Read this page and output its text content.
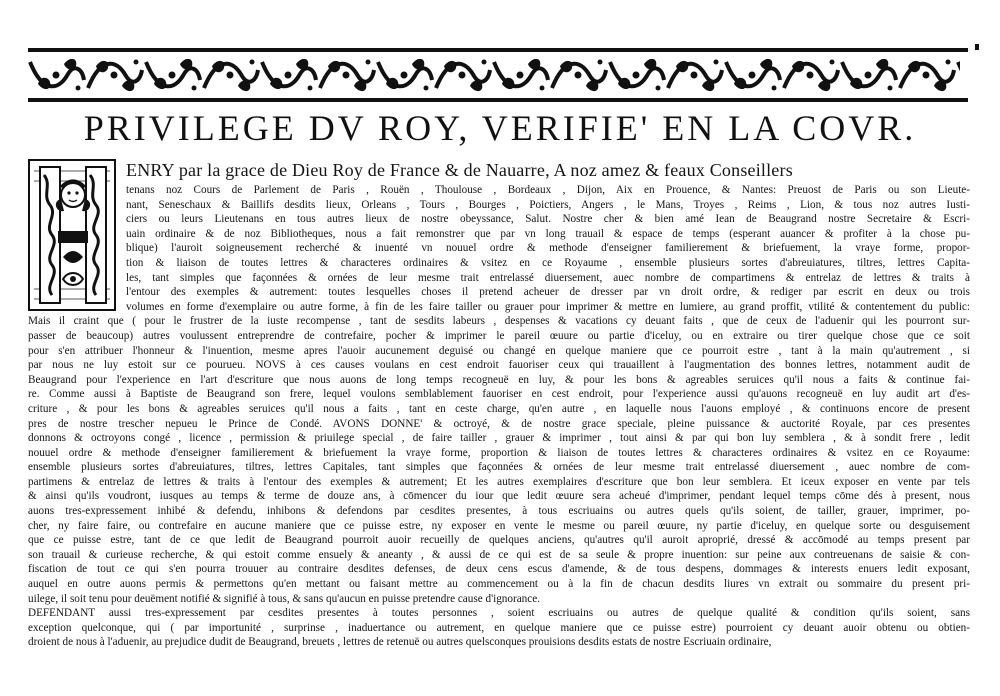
PRIVILEGE DV ROY, VERIFIE' EN LA COVR.
ENRY par la grace de Dieu Roy de France & de Nauarre, A noz amez & feaux Conseillers
tenans noz Cours de Parlement de Paris , Rouën , Thoulouse , Bordeaux , Dijon, Aix en Prouence, & Nantes: Preuost de Paris ou son Lieute-
nant, Seneschaux & Baillifs desdits lieux, Orleans , Tours , Bourges , Poictiers, Angers , le Mans, Troyes , Reims , Lion, & tous noz autres Iusti-
ciers ou leurs Lieutenans en tous autres lieux de nostre obeyssance, Salut. Nostre cher & bien amé Iean de Beaugrand nostre Secretaire & Escri-
uain ordinaire & de noz Bibliotheques, nous a fait remonstrer que par vn long trauail & espace de temps (esperant auancer & profiter à la chose pu-
blique) l'auroit soigneusement recherché & inuenté vn nouuel ordre & methode d'enseigner familierement & briefuement, la vraye forme, propor-
tion & liaison de toutes lettres & characteres ordinaires & vsitez en ce Royaume , ensemble plusieurs sortes d'abreuiatures, tiltres, lettres Capita-
les, tant simples que façonnées & ornées de leur mesme trait entrelassé diuersement, auec nombre de compartimens & entrelaz de lettres & traits à
l'entour des exemples & autrement: toutes lesquelles choses il pretend acheuer de dresser par vn droit ordre, & rediger par escrit en deux ou trois
volumes en forme d'exemplaire ou autre forme, à fin de les faire tailler ou grauer pour imprimer & mettre en lumiere, au grand proffit, vtilité & contentement du public:
Mais il craint que ( pour le frustrer de la iuste recompense , tant de sesdits labeurs , despenses & vacations cy deuant faits , que de ceux de l'aduenir qui les pourront sur-
passer de beaucoup) autres voulussent entreprendre de contrefaire, pocher & imprimer le pareil œuure ou partie d'iceluy, ou en extraire ou tirer quelque chose que ce soit
pour s'en attribuer l'honneur & l'inuention, mesme apres l'auoir aucunement deguisé ou changé en quelque maniere que ce pourroit estre , tant à la main qu'autrement , si
par nous ne luy estoit sur ce pourueu. NOVS à ces causes voulans en cest endroit fauoriser ceux qui trauaillent à l'augmentation des bonnes lettres, notamment audit de
Beaugrand pour l'experience en l'art d'escriture que nous auons de long temps recogneuë en luy, & pour les bons & agreables seruices qu'il nous a faits & continue fai-
re. Comme aussi à Baptiste de Beaugrand son frere, lequel voulons semblablement fauoriser en cest endroit, pour l'experience aussi qu'auons recogneuë en luy audit art d'es-
criture , & pour les bons & agreables seruices qu'il nous a faits , tant en ceste charge, qu'en autre , en laquelle nous l'auons employé , & continuons encore de present
pres de nostre trescher nepueu le Prince de Condé. AVONS DONNE' & octroyé, & de nostre grace speciale, pleine puissance & auctorité Royale, par ces presentes
donnons & octroyons congé , licence , permission & priuilege special , de faire tailler , grauer & imprimer , tout ainsi & par qui bon luy semblera , & à sondit frere , ledit
nouuel ordre & methode d'enseigner familierement & briefuement la vraye forme, proportion & liaison de toutes lettres & characteres ordinaires & vsitez en ce Royaume:
ensemble plusieurs sortes d'abreuiatures, tiltres, lettres Capitales, tant simples que façonnées & ornées de leur mesme trait entrelassé diuersement , auec nombre de com-
partimens & entrelaz de lettres & traits à l'entour des exemples & autrement; Et les autres exemplaires d'escriture que bon leur semblera. Et iceux exposer en vente par tels
& ainsi qu'ils voudront, iusques au temps & terme de douze ans, à cōmencer du iour que ledit œuure sera acheué d'imprimer, pendant lequel temps cōme dés à present, nous
auons tres-expressement inhibé & defendu, inhibons & defendons par cesdites presentes, à tous escriuains ou autres quels qu'ils soient, de tailler, grauer, imprimer, po-
cher, ny faire faire, ou contrefaire en aucune maniere que ce puisse estre, ny exposer en vente le mesme ou pareil œuure, ny partie d'iceluy, en quelque sorte ou desguisement
que ce puisse estre, tant de ce que ledit de Beaugrand pourroit auoir recueilly de quelques anciens, qu'autres qu'il auroit aproprié, dressé & accōmodé au temps present par
son trauail & curieuse recherche, & qui estoit comme ensuely & aneanty , & aussi de ce qui est de sa seule & propre inuention: sur peine aux contreuenans de saisie & con-
fiscation de tout ce qui s'en pourra trouuer au contraire desdites defenses, de deux cens escus d'amende, & de tous despens, dommages & interests enuers ledit exposant,
auquel en outre auons permis & permettons qu'en mettant ou faisant mettre au commencement ou à la fin de chacun desdits liures vn extrait ou sommaire du present pri-
uilege, il soit tenu pour deuëment notifié & signifié à tous, & sans qu'aucun en puisse pretendre cause d'ignorance.
DEFENDANT aussi tres-expressement par cesdites presentes à toutes personnes , soient escriuains ou autres de quelque qualité & condition qu'ils soient, sans
exception quelconque, qui ( par importunité , surprinse , inaduertance ou autrement, en quelque maniere que ce puisse estre) pourroient cy deuant auoir obtenu ou obtien-
droient de nous à l'aduenir, au prejudice dudit de Beaugrand, breuets , lettres de retenuë ou autres quelsconques prouisions desdits estats de nostre Escriuain ordinaire,
